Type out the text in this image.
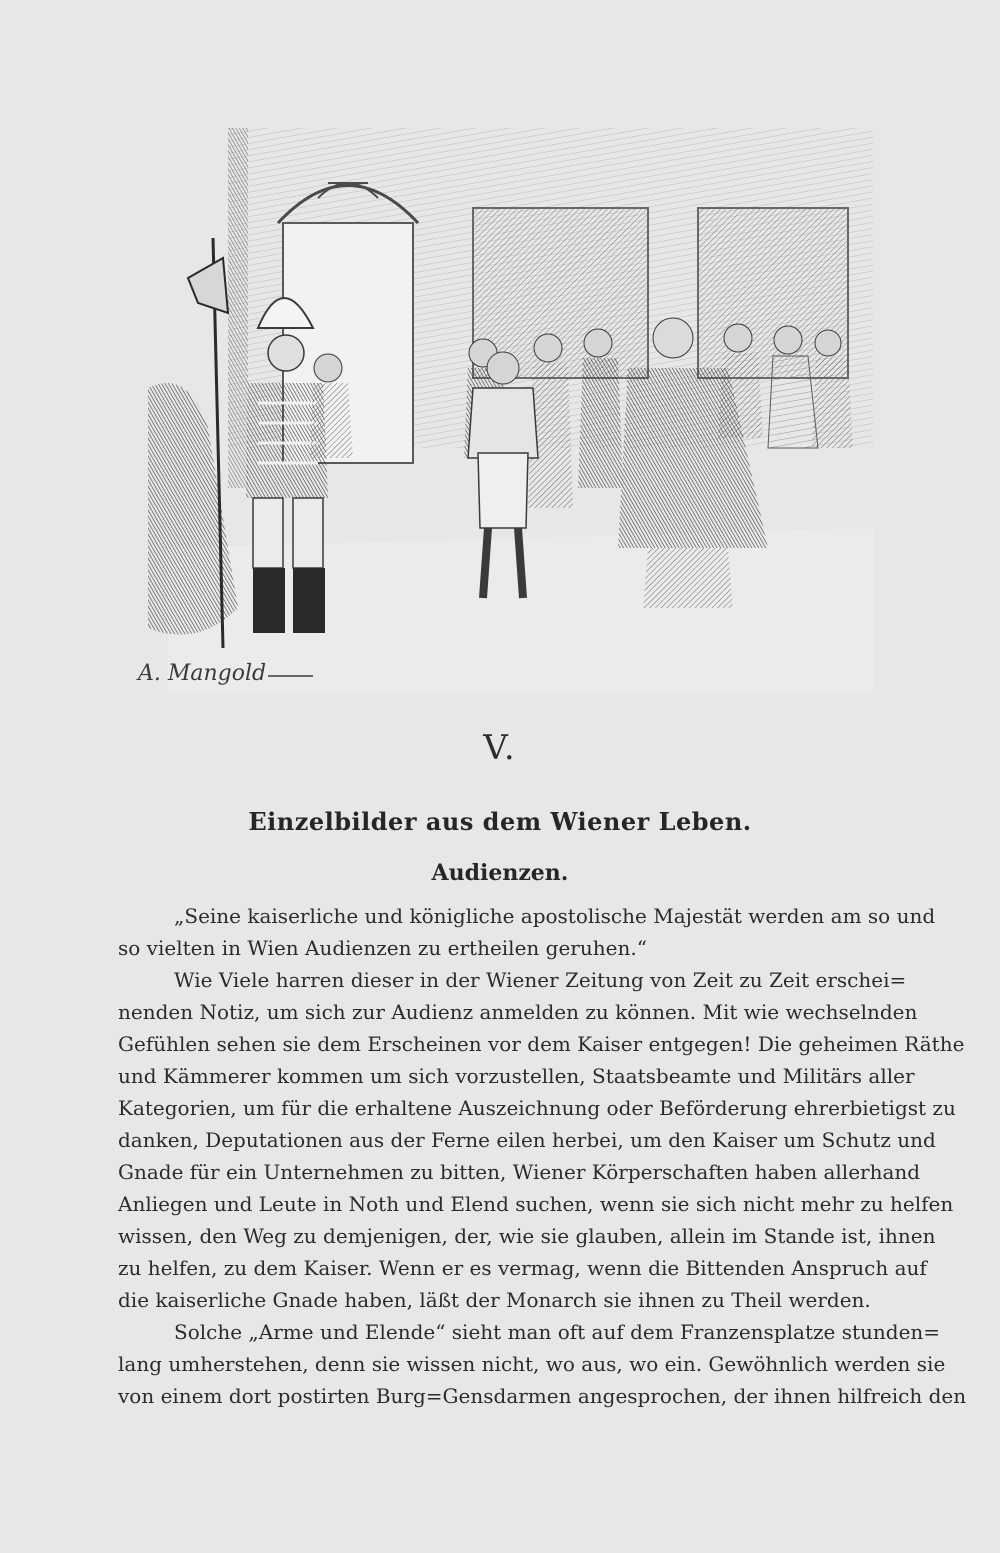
A. Mangold
V.
Einzelbilder aus dem Wiener Leben.
Audienzen.
„Seine kaiserliche und königliche apostolische Majestät werden am so und
so vielten in Wien Audienzen zu ertheilen geruhen.“
Wie Viele harren dieser in der Wiener Zeitung von Zeit zu Zeit erschei=
nenden Notiz, um sich zur Audienz anmelden zu können. Mit wie wechselnden
Gefühlen sehen sie dem Erscheinen vor dem Kaiser entgegen! Die geheimen Räthe
und Kämmerer kommen um sich vorzustellen, Staatsbeamte und Militärs aller
Kategorien, um für die erhaltene Auszeichnung oder Beförderung ehrerbietigst zu
danken, Deputationen aus der Ferne eilen herbei, um den Kaiser um Schutz und
Gnade für ein Unternehmen zu bitten, Wiener Körperschaften haben allerhand
Anliegen und Leute in Noth und Elend suchen, wenn sie sich nicht mehr zu helfen
wissen, den Weg zu demjenigen, der, wie sie glauben, allein im Stande ist, ihnen
zu helfen, zu dem Kaiser. Wenn er es vermag, wenn die Bittenden Anspruch auf
die kaiserliche Gnade haben, läßt der Monarch sie ihnen zu Theil werden.
Solche „Arme und Elende“ sieht man oft auf dem Franzensplatze stunden=
lang umherstehen, denn sie wissen nicht, wo aus, wo ein. Gewöhnlich werden sie
von einem dort postirten Burg=Gensdarmen angesprochen, der ihnen hilfreich den
